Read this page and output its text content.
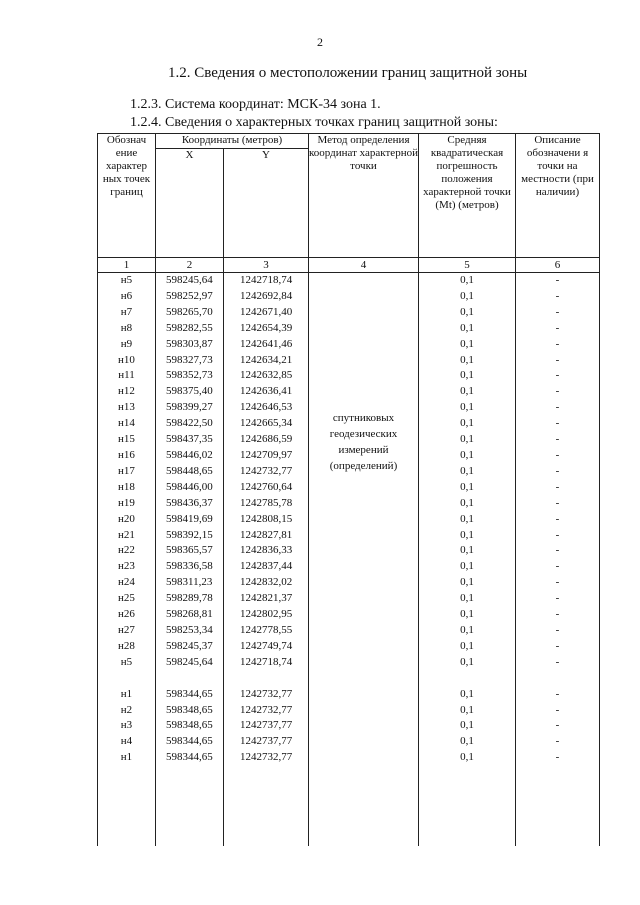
2
1.2. Сведения о местоположении границ защитной зоны
1.2.3. Система координат: МСК-34 зона 1.
1.2.4. Сведения о характерных точках границ защитной зоны:
Обознач ение характер ных точек границ	Координаты (метров)		Метод определения координат характерной точки	Средняя квадратическая погрешность положения характерной точки (Mt) (метров)	Описание обозначени я точки на местности (при наличии)
	X	Y			

1	2	3	4	5	6
н5	598245,64	1242718,74	спутниковых
геодезических
измерений
(определений)	0,1	-
н6	598252,97	1242692,84		0,1	-
н7	598265,70	1242671,40		0,1	-
н8	598282,55	1242654,39		0,1	-
н9	598303,87	1242641,46		0,1	-
н10	598327,73	1242634,21		0,1	-
н11	598352,73	1242632,85		0,1	-
н12	598375,40	1242636,41		0,1	-
н13	598399,27	1242646,53		0,1	-
н14	598422,50	1242665,34		0,1	-
н15	598437,35	1242686,59		0,1	-
н16	598446,02	1242709,97		0,1	-
н17	598448,65	1242732,77		0,1	-
н18	598446,00	1242760,64		0,1	-
н19	598436,37	1242785,78		0,1	-
н20	598419,69	1242808,15		0,1	-
н21	598392,15	1242827,81		0,1	-
н22	598365,57	1242836,33		0,1	-
н23	598336,58	1242837,44		0,1	-
н24	598311,23	1242832,02		0,1	-
н25	598289,78	1242821,37		0,1	-
н26	598268,81	1242802,95		0,1	-
н27	598253,34	1242778,55		0,1	-
н28	598245,37	1242749,74		0,1	-
н5	598245,64	1242718,74		0,1	-

н1	598344,65	1242732,77		0,1	-
н2	598348,65	1242732,77		0,1	-
н3	598348,65	1242737,77		0,1	-
н4	598344,65	1242737,77		0,1	-
н1	598344,65	1242732,77		0,1	-
